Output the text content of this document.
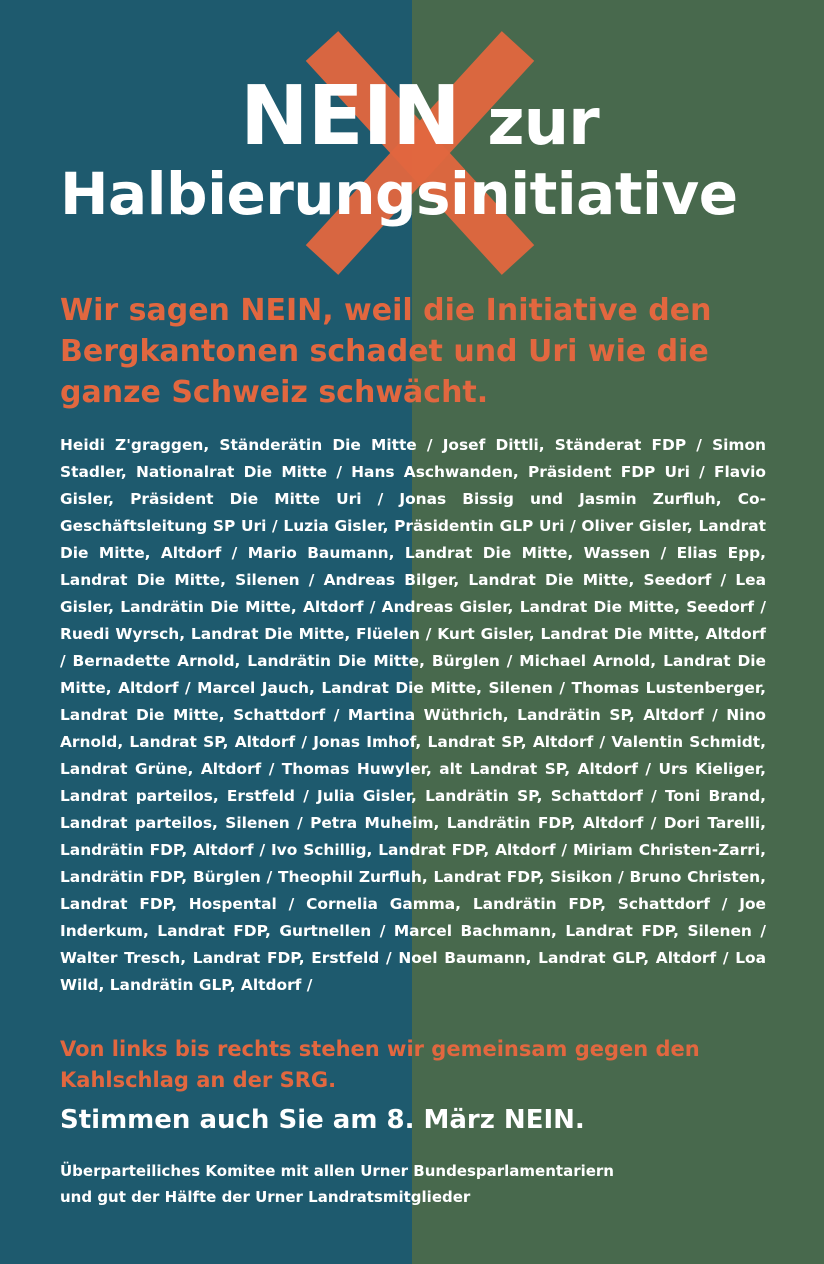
NEIN zur
Halbierungsinitiative
Wir sagen NEIN, weil die Initiative den Bergkantonen schadet und Uri wie die ganze Schweiz schwächt.
Heidi Z'graggen, Ständerätin Die Mitte / Josef Dittli, Ständerat FDP / Simon Stadler, Nationalrat Die Mitte / Hans Aschwanden, Präsident FDP Uri / Flavio Gisler, Präsident Die Mitte Uri / Jonas Bissig und Jasmin Zurfluh, Co-Geschäftsleitung SP Uri / Luzia Gisler, Präsidentin GLP Uri / Oliver Gisler, Landrat Die Mitte, Altdorf / Mario Baumann, Landrat Die Mitte, Wassen / Elias Epp, Landrat Die Mitte, Silenen / Andreas Bilger, Landrat Die Mitte, Seedorf / Lea Gisler, Landrätin Die Mitte, Altdorf / Andreas Gisler, Landrat Die Mitte, Seedorf / Ruedi Wyrsch, Landrat Die Mitte, Flüelen / Kurt Gisler, Landrat Die Mitte, Altdorf / Bernadette Arnold, Landrätin Die Mitte, Bürglen / Michael Arnold, Landrat Die Mitte, Altdorf / Marcel Jauch, Landrat Die Mitte, Silenen / Thomas Lustenberger, Landrat Die Mitte, Schattdorf / Martina Wüthrich, Landrätin SP, Altdorf / Nino Arnold, Landrat SP, Altdorf / Jonas Imhof, Landrat SP, Altdorf / Valentin Schmidt, Landrat Grüne, Altdorf / Thomas Huwyler, alt Landrat SP, Altdorf / Urs Kieliger, Landrat parteilos, Erstfeld / Julia Gisler, Landrätin SP, Schattdorf / Toni Brand, Landrat parteilos, Silenen / Petra Muheim, Landrätin FDP, Altdorf / Dori Tarelli, Landrätin FDP, Altdorf / Ivo Schillig, Landrat FDP, Altdorf / Miriam Christen-Zarri, Landrätin FDP, Bürglen / Theophil Zurfluh, Landrat FDP, Sisikon / Bruno Christen, Landrat FDP, Hospental / Cornelia Gamma, Landrätin FDP, Schattdorf / Joe Inderkum, Landrat FDP, Gurtnellen / Marcel Bachmann, Landrat FDP, Silenen / Walter Tresch, Landrat FDP, Erstfeld / Noel Baumann, Landrat GLP, Altdorf / Loa Wild, Landrätin GLP, Altdorf /
Von links bis rechts stehen wir gemeinsam gegen den Kahlschlag an der SRG.
Stimmen auch Sie am 8. März NEIN.
Überparteiliches Komitee mit allen Urner Bundesparlamentariern
und gut der Hälfte der Urner Landratsmitglieder
